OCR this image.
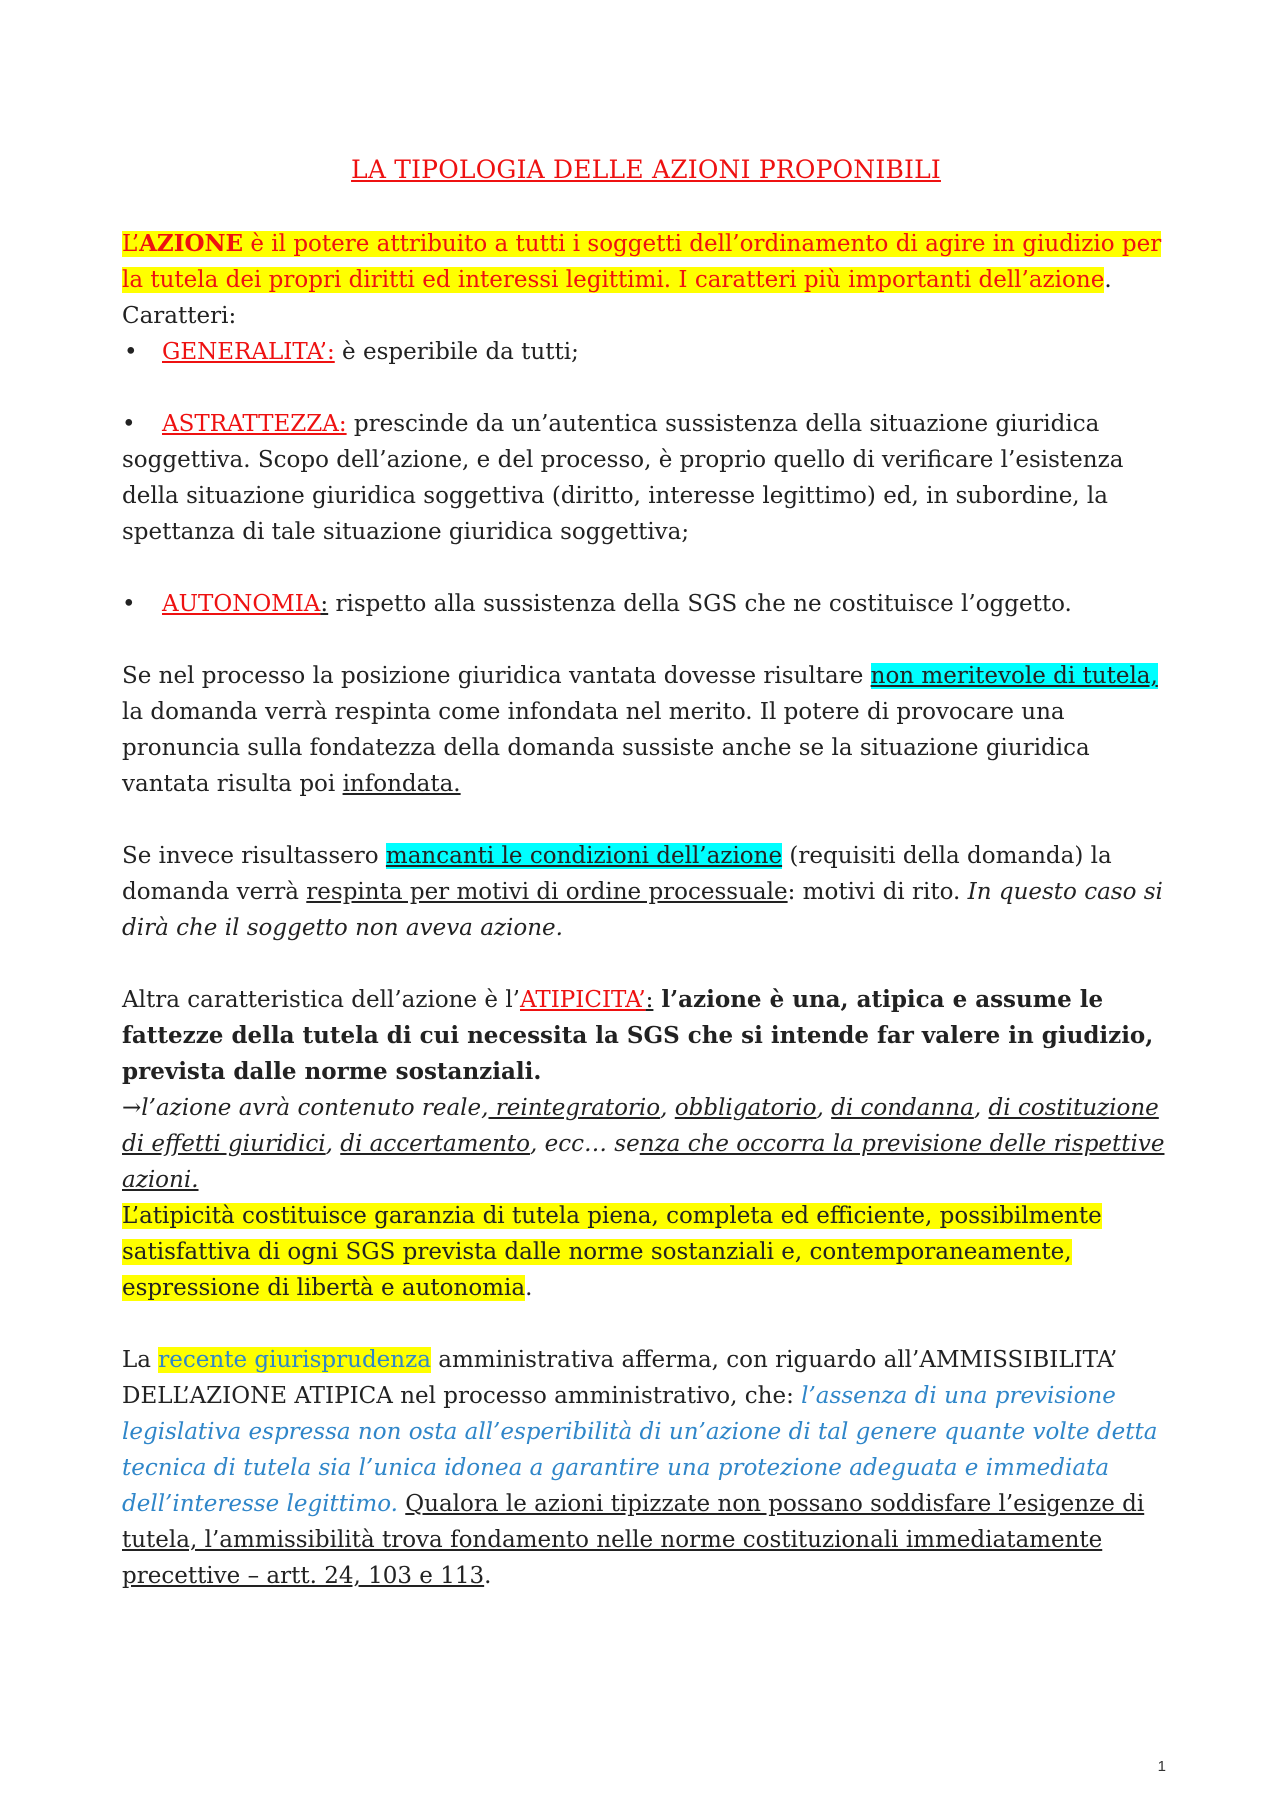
LA TIPOLOGIA DELLE AZIONI PROPONIBILI

L’AZIONE è il potere attribuito a tutti i soggetti dell’ordinamento di agire in giudizio per la tutela dei propri diritti ed interessi legittimi. I caratteri più importanti dell’azione.

Caratteri:

• GENERALITA’: è esperibile da tutti;

• ASTRATTEZZA: prescinde da un’autentica sussistenza della situazione giuridica soggettiva. Scopo dell’azione, e del processo, è proprio quello di verificare l’esistenza della situazione giuridica soggettiva (diritto, interesse legittimo) ed, in subordine, la spettanza di tale situazione giuridica soggettiva;

• AUTONOMIA: rispetto alla sussistenza della SGS che ne costituisce l’oggetto.

Se nel processo la posizione giuridica vantata dovesse risultare non meritevole di tutela, la domanda verrà respinta come infondata nel merito. Il potere di provocare una pronuncia sulla fondatezza della domanda sussiste anche se la situazione giuridica vantata risulta poi infondata.

Se invece risultassero mancanti le condizioni dell’azione (requisiti della domanda) la domanda verrà respinta per motivi di ordine processuale: motivi di rito. In questo caso si dirà che il soggetto non aveva azione.

Altra caratteristica dell’azione è l’ATIPICITA’: l’azione è una, atipica e assume le fattezze della tutela di cui necessita la SGS che si intende far valere in giudizio, prevista dalle norme sostanziali.
→l’azione avrà contenuto reale, reintegratorio, obbligatorio, di condanna, di costituzione di effetti giuridici, di accertamento, ecc… senza che occorra la previsione delle rispettive azioni.
L’atipicità costituisce garanzia di tutela piena, completa ed efficiente, possibilmente satisfattiva di ogni SGS prevista dalle norme sostanziali e, contemporaneamente, espressione di libertà e autonomia.

La recente giurisprudenza amministrativa afferma, con riguardo all’AMMISSIBILITA’ DELL’AZIONE ATIPICA nel processo amministrativo, che: l’assenza di una previsione legislativa espressa non osta all’esperibilità di un’azione di tal genere quante volte detta tecnica di tutela sia l’unica idonea a garantire una protezione adeguata e immediata dell’interesse legittimo. Qualora le azioni tipizzate non possano soddisfare l’esigenze di tutela, l’ammissibilità trova fondamento nelle norme costituzionali immediatamente precettive – artt. 24, 103 e 113.

1
